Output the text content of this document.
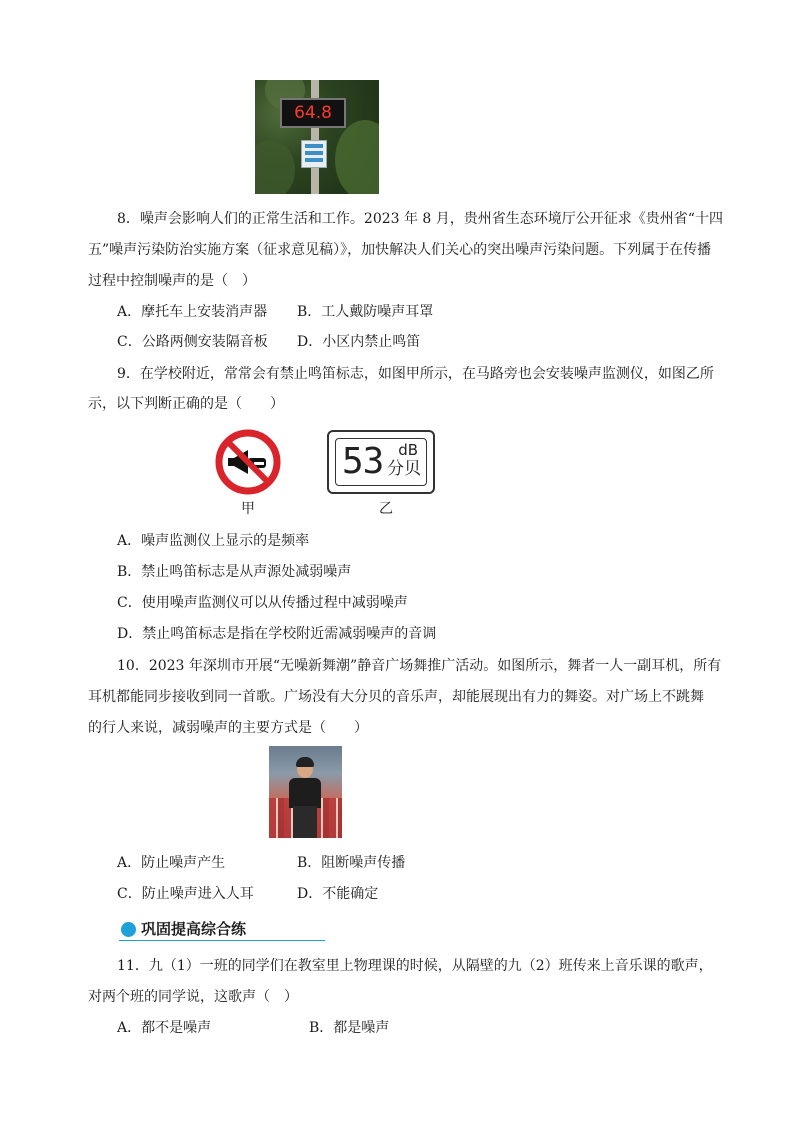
64.8
8．噪声会影响人们的正常生活和工作。2023 年 8 月，贵州省生态环境厅公开征求《贵州省“十四
五”噪声污染防治实施方案（征求意见稿）》，加快解决人们关心的突出噪声污染问题。下列属于在传播
过程中控制噪声的是（　）
A．摩托车上安装消声器 B．工人戴防噪声耳罩
C．公路两侧安装隔音板 D．小区内禁止鸣笛
9．在学校附近，常常会有禁止鸣笛标志，如图甲所示，在马路旁也会安装噪声监测仪，如图乙所
示，以下判断正确的是（　　）
甲
53 dB
分贝
乙
A．噪声监测仪上显示的是频率
B．禁止鸣笛标志是从声源处减弱噪声
C．使用噪声监测仪可以从传播过程中减弱噪声
D．禁止鸣笛标志是指在学校附近需减弱噪声的音调
10．2023 年深圳市开展“无噪新舞潮”静音广场舞推广活动。如图所示，舞者一人一副耳机，所有
耳机都能同步接收到同一首歌。广场没有大分贝的音乐声，却能展现出有力的舞姿。对广场上不跳舞
的行人来说，减弱噪声的主要方式是（　　）
A．防止噪声产生	B．阻断噪声传播
C．防止噪声进入人耳	D．不能确定
巩固提高综合练
11．九（1）一班的同学们在教室里上物理课的时候，从隔壁的九（2）班传来上音乐课的歌声，
对两个班的同学说，这歌声（　）
A．都不是噪声	B．都是噪声
